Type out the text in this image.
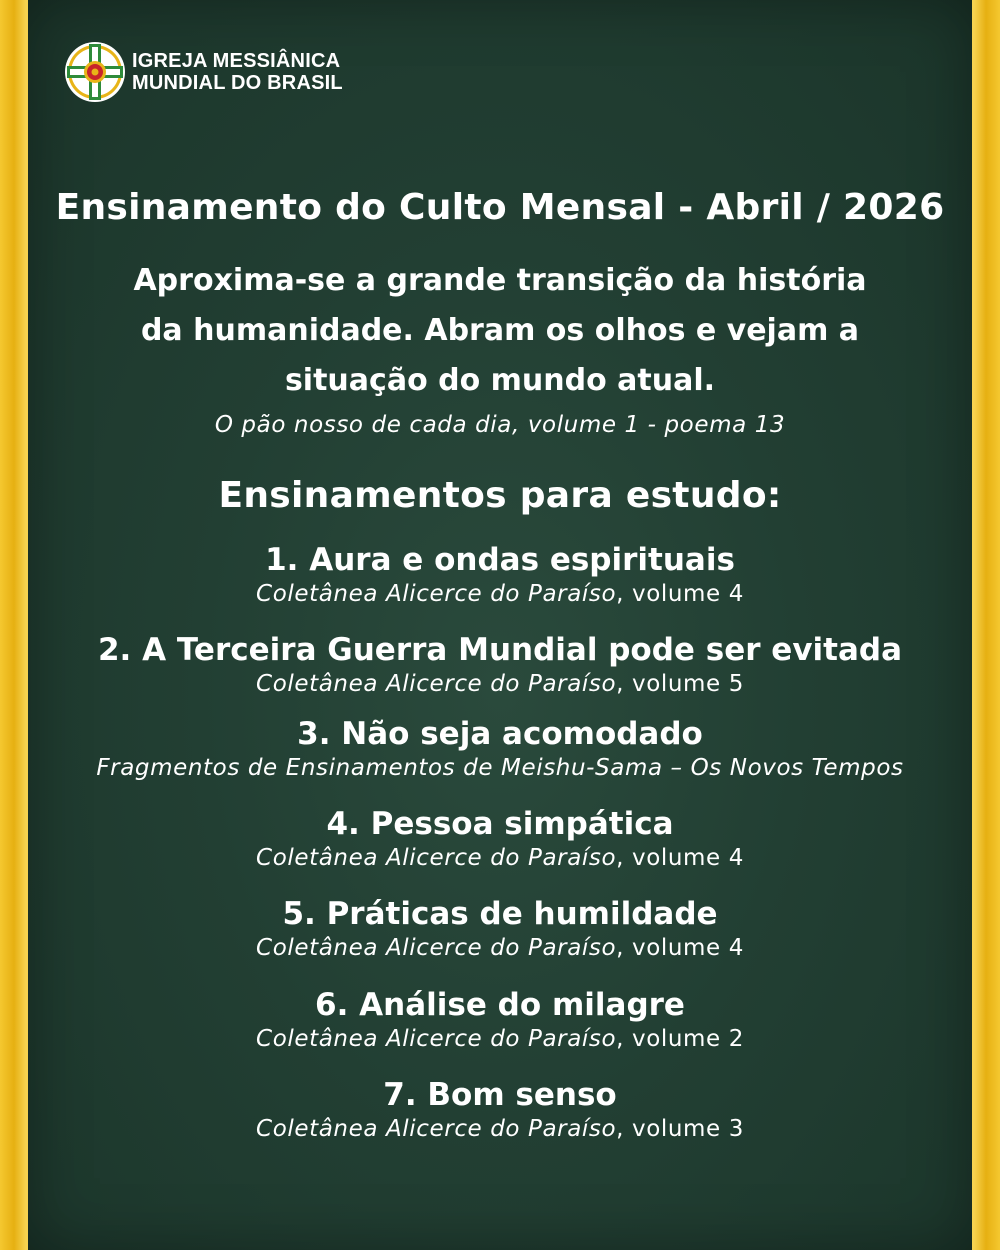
IGREJA MESSIÂNICA
MUNDIAL DO BRASIL
Ensinamento do Culto Mensal - Abril / 2026
Aproxima-se a grande transição da história
da humanidade. Abram os olhos e vejam a
situação do mundo atual.
O pão nosso de cada dia, volume 1 - poema 13
Ensinamentos para estudo:
1. Aura e ondas espirituais
Coletânea Alicerce do Paraíso, volume 4
2. A Terceira Guerra Mundial pode ser evitada
Coletânea Alicerce do Paraíso, volume 5
3. Não seja acomodado
Fragmentos de Ensinamentos de Meishu-Sama – Os Novos Tempos
4. Pessoa simpática
Coletânea Alicerce do Paraíso, volume 4
5. Práticas de humildade
Coletânea Alicerce do Paraíso, volume 4
6. Análise do milagre
Coletânea Alicerce do Paraíso, volume 2
7. Bom senso
Coletânea Alicerce do Paraíso, volume 3
